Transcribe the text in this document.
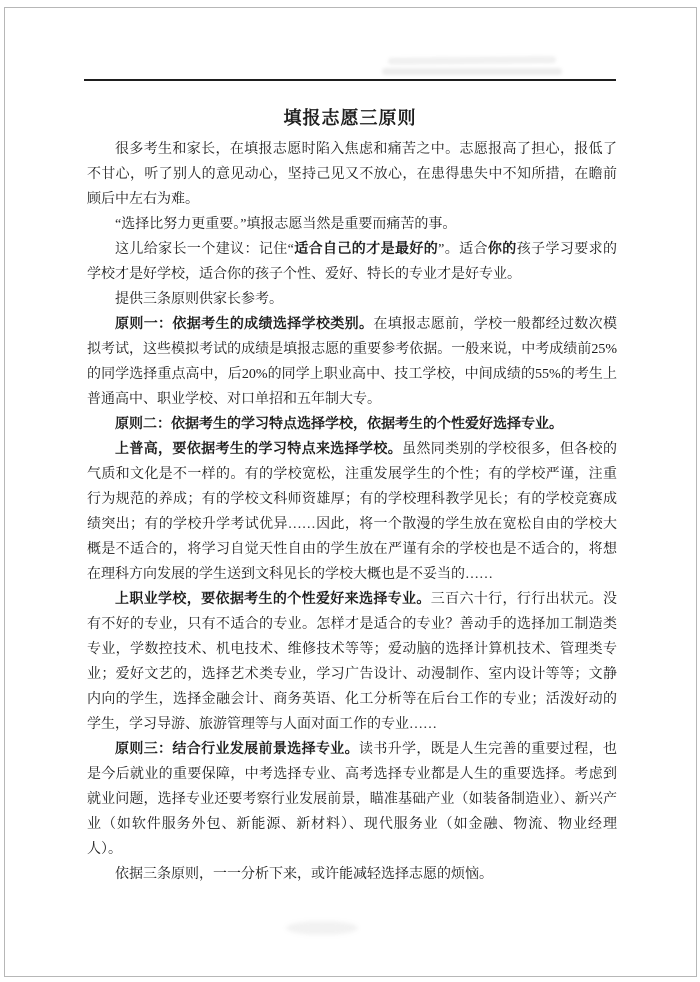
填报志愿三原则

很多考生和家长，在填报志愿时陷入焦虑和痛苦之中。志愿报高了担心，报低了不甘心，听了别人的意见动心，坚持己见又不放心，在患得患失中不知所措，在瞻前顾后中左右为难。

“选择比努力更重要。”填报志愿当然是重要而痛苦的事。

这儿给家长一个建议：记住“适合自己的才是最好的”。适合你的孩子学习要求的学校才是好学校，适合你的孩子个性、爱好、特长的专业才是好专业。

提供三条原则供家长参考。

原则一：依据考生的成绩选择学校类别。在填报志愿前，学校一般都经过数次模拟考试，这些模拟考试的成绩是填报志愿的重要参考依据。一般来说，中考成绩前25%的同学选择重点高中，后20%的同学上职业高中、技工学校，中间成绩的55%的考生上普通高中、职业学校、对口单招和五年制大专。

原则二：依据考生的学习特点选择学校，依据考生的个性爱好选择专业。

上普高，要依据考生的学习特点来选择学校。虽然同类别的学校很多，但各校的气质和文化是不一样的。有的学校宽松，注重发展学生的个性；有的学校严谨，注重行为规范的养成；有的学校文科师资雄厚；有的学校理科教学见长；有的学校竞赛成绩突出；有的学校升学考试优异……因此，将一个散漫的学生放在宽松自由的学校大概是不适合的，将学习自觉天性自由的学生放在严谨有余的学校也是不适合的，将想在理科方向发展的学生送到文科见长的学校大概也是不妥当的……

上职业学校，要依据考生的个性爱好来选择专业。三百六十行，行行出状元。没有不好的专业，只有不适合的专业。怎样才是适合的专业？善动手的选择加工制造类专业，学数控技术、机电技术、维修技术等等；爱动脑的选择计算机技术、管理类专业；爱好文艺的，选择艺术类专业，学习广告设计、动漫制作、室内设计等等；文静内向的学生，选择金融会计、商务英语、化工分析等在后台工作的专业；活泼好动的学生，学习导游、旅游管理等与人面对面工作的专业……

原则三：结合行业发展前景选择专业。读书升学，既是人生完善的重要过程，也是今后就业的重要保障，中考选择专业、高考选择专业都是人生的重要选择。考虑到就业问题，选择专业还要考察行业发展前景，瞄准基础产业（如装备制造业）、新兴产业（如软件服务外包、新能源、新材料）、现代服务业（如金融、物流、物业经理人）。

依据三条原则，一一分析下来，或许能减轻选择志愿的烦恼。
